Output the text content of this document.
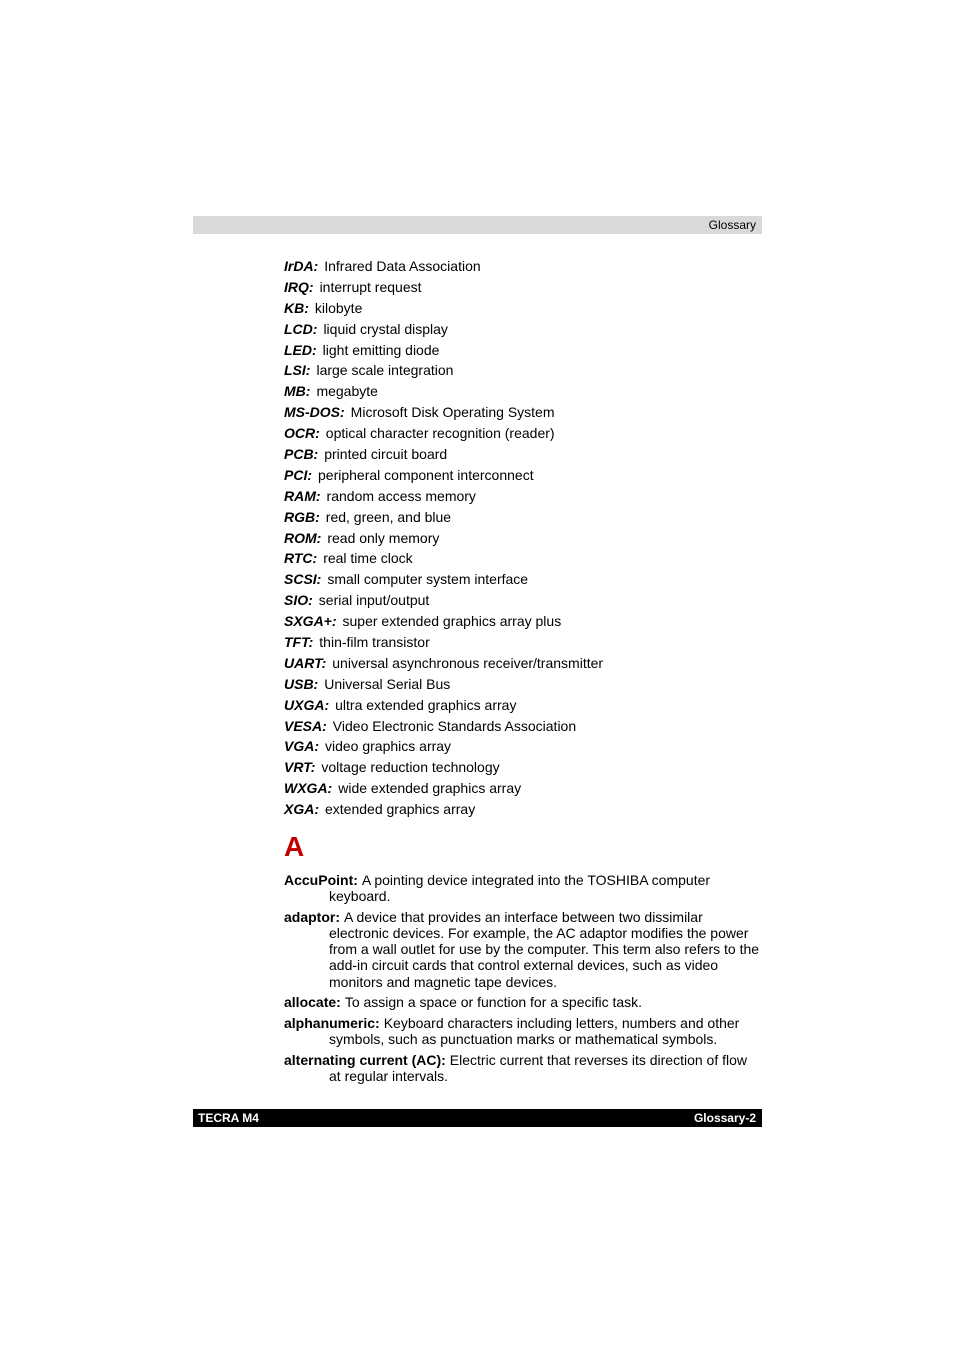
Glossary
IrDA: Infrared Data Association
IRQ: interrupt request
KB: kilobyte
LCD: liquid crystal display
LED: light emitting diode
LSI: large scale integration
MB: megabyte
MS-DOS: Microsoft Disk Operating System
OCR: optical character recognition (reader)
PCB: printed circuit board
PCI: peripheral component interconnect
RAM: random access memory
RGB: red, green, and blue
ROM: read only memory
RTC: real time clock
SCSI: small computer system interface
SIO: serial input/output
SXGA+: super extended graphics array plus
TFT: thin-film transistor
UART: universal asynchronous receiver/transmitter
USB: Universal Serial Bus
UXGA: ultra extended graphics array
VESA: Video Electronic Standards Association
VGA: video graphics array
VRT: voltage reduction technology
WXGA: wide extended graphics array
XGA: extended graphics array
A
AccuPoint: A pointing device integrated into the TOSHIBA computer keyboard.
adaptor: A device that provides an interface between two dissimilar electronic devices. For example, the AC adaptor modifies the power from a wall outlet for use by the computer. This term also refers to the add-in circuit cards that control external devices, such as video monitors and magnetic tape devices.
allocate: To assign a space or function for a specific task.
alphanumeric: Keyboard characters including letters, numbers and other symbols, such as punctuation marks or mathematical symbols.
alternating current (AC): Electric current that reverses its direction of flow at regular intervals.
TECRA M4	Glossary-2
